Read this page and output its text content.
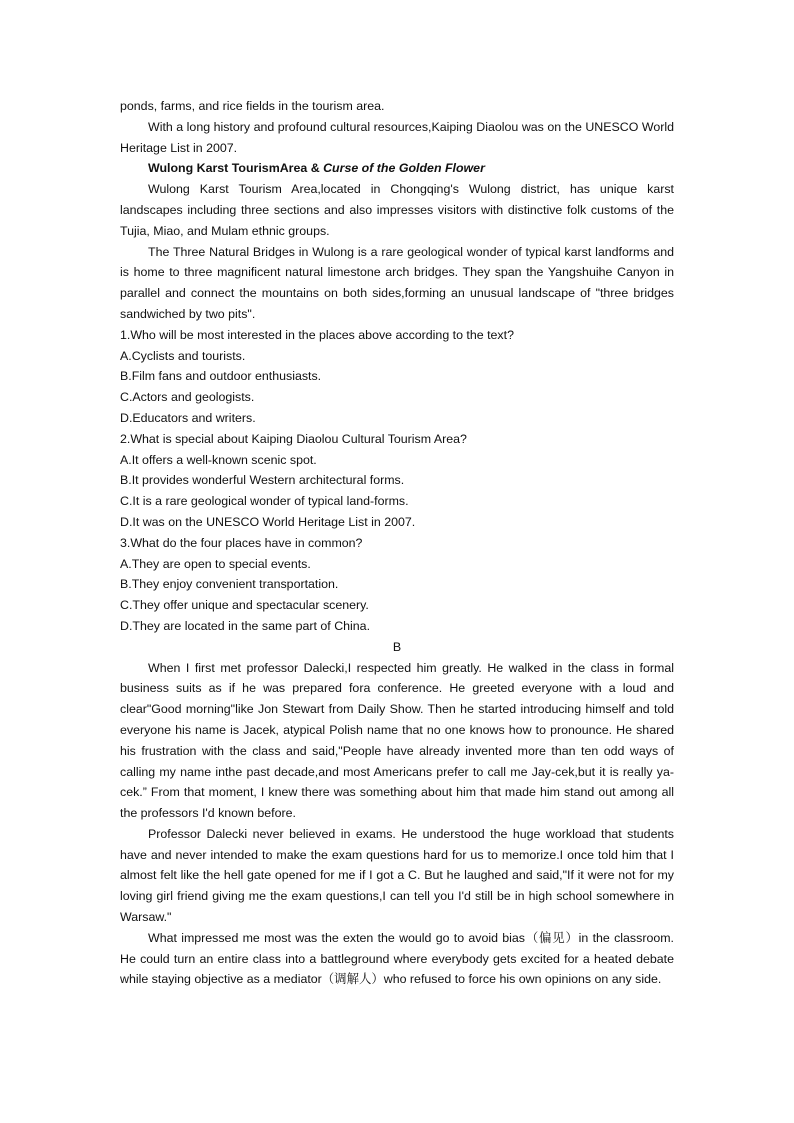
ponds, farms, and rice fields in the tourism area.

With a long history and profound cultural resources,Kaiping Diaolou was on the UNESCO World Heritage List in 2007.

Wulong Karst TourismArea & Curse of the Golden Flower

Wulong Karst Tourism Area,located in Chongqing's Wulong district, has unique karst landscapes including three sections and also impresses visitors with distinctive folk customs of the Tujia, Miao, and Mulam ethnic groups.

The Three Natural Bridges in Wulong is a rare geological wonder of typical karst landforms and is home to three magnificent natural limestone arch bridges. They span the Yangshuihe Canyon in parallel and connect the mountains on both sides,forming an unusual landscape of "three bridges sandwiched by two pits".

1.Who will be most interested in the places above according to the text?

A.Cyclists and tourists.

B.Film fans and outdoor enthusiasts.

C.Actors and geologists.

D.Educators and writers.

2.What is special about Kaiping Diaolou Cultural Tourism Area?

A.It offers a well-known scenic spot.

B.It provides wonderful Western architectural forms.

C.It is a rare geological wonder of typical land-forms.

D.It was on the UNESCO World Heritage List in 2007.

3.What do the four places have in common?

A.They are open to special events.

B.They enjoy convenient transportation.

C.They offer unique and spectacular scenery.

D.They are located in the same part of China.

B

When I first met professor Dalecki,I respected him greatly. He walked in the class in formal business suits as if he was prepared fora conference. He greeted everyone with a loud and clear"Good morning"like Jon Stewart from Daily Show. Then he started introducing himself and told everyone his name is Jacek, atypical Polish name that no one knows how to pronounce. He shared his frustration with the class and said,"People have already invented more than ten odd ways of calling my name inthe past decade,and most Americans prefer to call me Jay-cek,but it is really ya-cek.” From that moment, I knew there was something about him that made him stand out among all the professors I'd known before.

Professor Dalecki never believed in exams. He understood the huge workload that students have and never intended to make the exam questions hard for us to memorize.I once told him that I almost felt like the hell gate opened for me if I got a C. But he laughed and said,"If it were not for my loving girl friend giving me the exam questions,I can tell you I'd still be in high school somewhere in Warsaw."

What impressed me most was the exten the would go to avoid bias（偏见）in the classroom. He could turn an entire class into a battleground where everybody gets excited for a heated debate while staying objective as a mediator（调解人）who refused to force his own opinions on any side.
